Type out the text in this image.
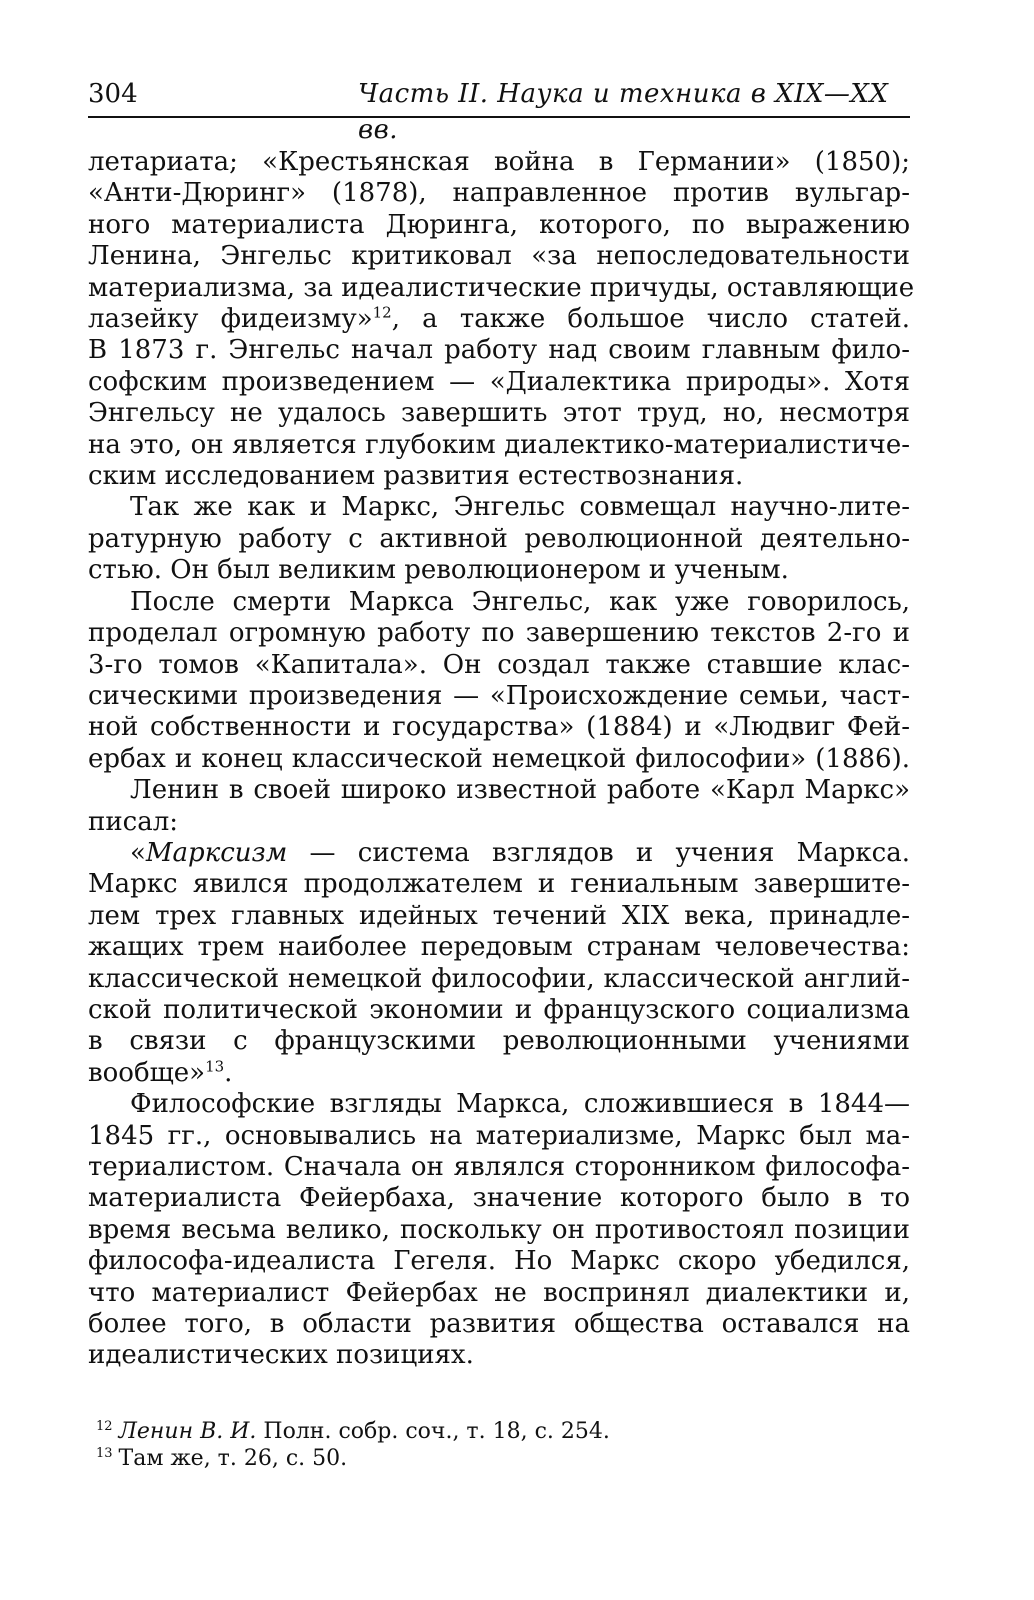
304	Часть II. Наука и техника в XIX—XX вв.
летариата; «Крестьянская война в Германии» (1850);
«Анти-Дюринг» (1878), направленное против вульгар-
ного материалиста Дюринга, которого, по выражению
Ленина, Энгельс критиковал «за непоследовательности
материализма, за идеалистические причуды, оставляющие
лазейку фидеизму»$^{12}$, а также большое число статей.
В 1873 г. Энгельс начал работу над своим главным фило-
софским произведением — «Диалектика природы». Хотя
Энгельсу не удалось завершить этот труд, но, несмотря
на это, он является глубоким диалектико-материалистиче-
ским исследованием развития естествознания.
Так же как и Маркс, Энгельс совмещал научно-лите-
ратурную работу с активной революционной деятельно-
стью. Он был великим революционером и ученым.
После смерти Маркса Энгельс, как уже говорилось,
проделал огромную работу по завершению текстов 2-го и
3-го томов «Капитала». Он создал также ставшие клас-
сическими произведения — «Происхождение семьи, част-
ной собственности и государства» (1884) и «Людвиг Фей-
ербах и конец классической немецкой философии» (1886).
Ленин в своей широко известной работе «Карл Маркс»
писал:
«Марксизм — система взглядов и учения Маркса.
Маркс явился продолжателем и гениальным завершите-
лем трех главных идейных течений XIX века, принадле-
жащих трем наиболее передовым странам человечества:
классической немецкой философии, классической англий-
ской политической экономии и французского социализма
в связи с французскими революционными учениями
вообще»$^{13}$.
Философские взгляды Маркса, сложившиеся в 1844—
1845 гг., основывались на материализме, Маркс был ма-
териалистом. Сначала он являлся сторонником философа-
материалиста Фейербаха, значение которого было в то
время весьма велико, поскольку он противостоял позиции
философа-идеалиста Гегеля. Но Маркс скоро убедился,
что материалист Фейербах не воспринял диалектики и,
более того, в области развития общества оставался на
идеалистических позициях.
$^{12}$ Ленин В. И. Полн. собр. соч., т. 18, с. 254.
$^{13}$ Там же, т. 26, с. 50.
